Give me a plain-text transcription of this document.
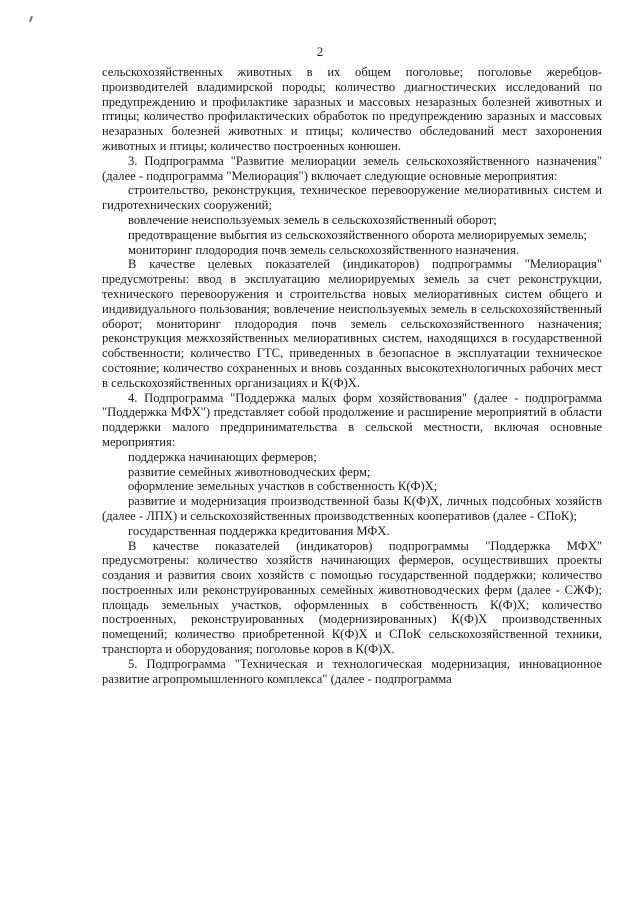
2

сельскохозяйственных животных в их общем поголовье; поголовье жеребцов-производителей владимирской породы; количество диагностических исследований по предупреждению и профилактике заразных и массовых незаразных болезней животных и птицы; количество профилактических обработок по предупреждению заразных и массовых незаразных болезней животных и птицы; количество обследований мест захоронения животных и птицы; количество построенных конюшен.

3. Подпрограмма "Развитие мелиорации земель сельскохозяйственного назначения" (далее - подпрограмма "Мелиорация") включает следующие основные мероприятия:

строительство, реконструкция, техническое перевооружение мелиоративных систем и гидротехнических сооружений;

вовлечение неиспользуемых земель в сельскохозяйственный оборот;

предотвращение выбытия из сельскохозяйственного оборота мелиорируемых земель;

мониторинг плодородия почв земель сельскохозяйственного назначения.

В качестве целевых показателей (индикаторов) подпрограммы "Мелиорация" предусмотрены: ввод в эксплуатацию мелиорируемых земель за счет реконструкции, технического перевооружения и строительства новых мелиоративных систем общего и индивидуального пользования; вовлечение неиспользуемых земель в сельскохозяйственный оборот; мониторинг плодородия почв земель сельскохозяйственного назначения; реконструкция межхозяйственных мелиоративных систем, находящихся в государственной собственности; количество ГТС, приведенных в безопасное в эксплуатации техническое состояние; количество сохраненных и вновь созданных высокотехнологичных рабочих мест в сельскохозяйственных организациях и К(Ф)Х.

4. Подпрограмма "Поддержка малых форм хозяйствования" (далее - подпрограмма "Поддержка МФХ") представляет собой продолжение и расширение мероприятий в области поддержки малого предпринимательства в сельской местности, включая основные мероприятия:

поддержка начинающих фермеров;

развитие семейных животноводческих ферм;

оформление земельных участков в собственность К(Ф)Х;

развитие и модернизация производственной базы К(Ф)Х, личных подсобных хозяйств (далее - ЛПХ) и сельскохозяйственных производственных кооперативов (далее - СПоК);

государственная поддержка кредитования МФХ.

В качестве показателей (индикаторов) подпрограммы "Поддержка МФХ" предусмотрены: количество хозяйств начинающих фермеров, осуществивших проекты создания и развития своих хозяйств с помощью государственной поддержки; количество построенных или реконструированных семейных животноводческих ферм (далее - СЖФ); площадь земельных участков, оформленных в собственность К(Ф)Х; количество построенных, реконструированных (модернизированных) К(Ф)Х производственных помещений; количество приобретенной К(Ф)Х и СПоК сельскохозяйственной техники, транспорта и оборудования; поголовье коров в К(Ф)Х.

5. Подпрограмма "Техническая и технологическая модернизация, инновационное развитие агропромышленного комплекса" (далее - подпрограмма
